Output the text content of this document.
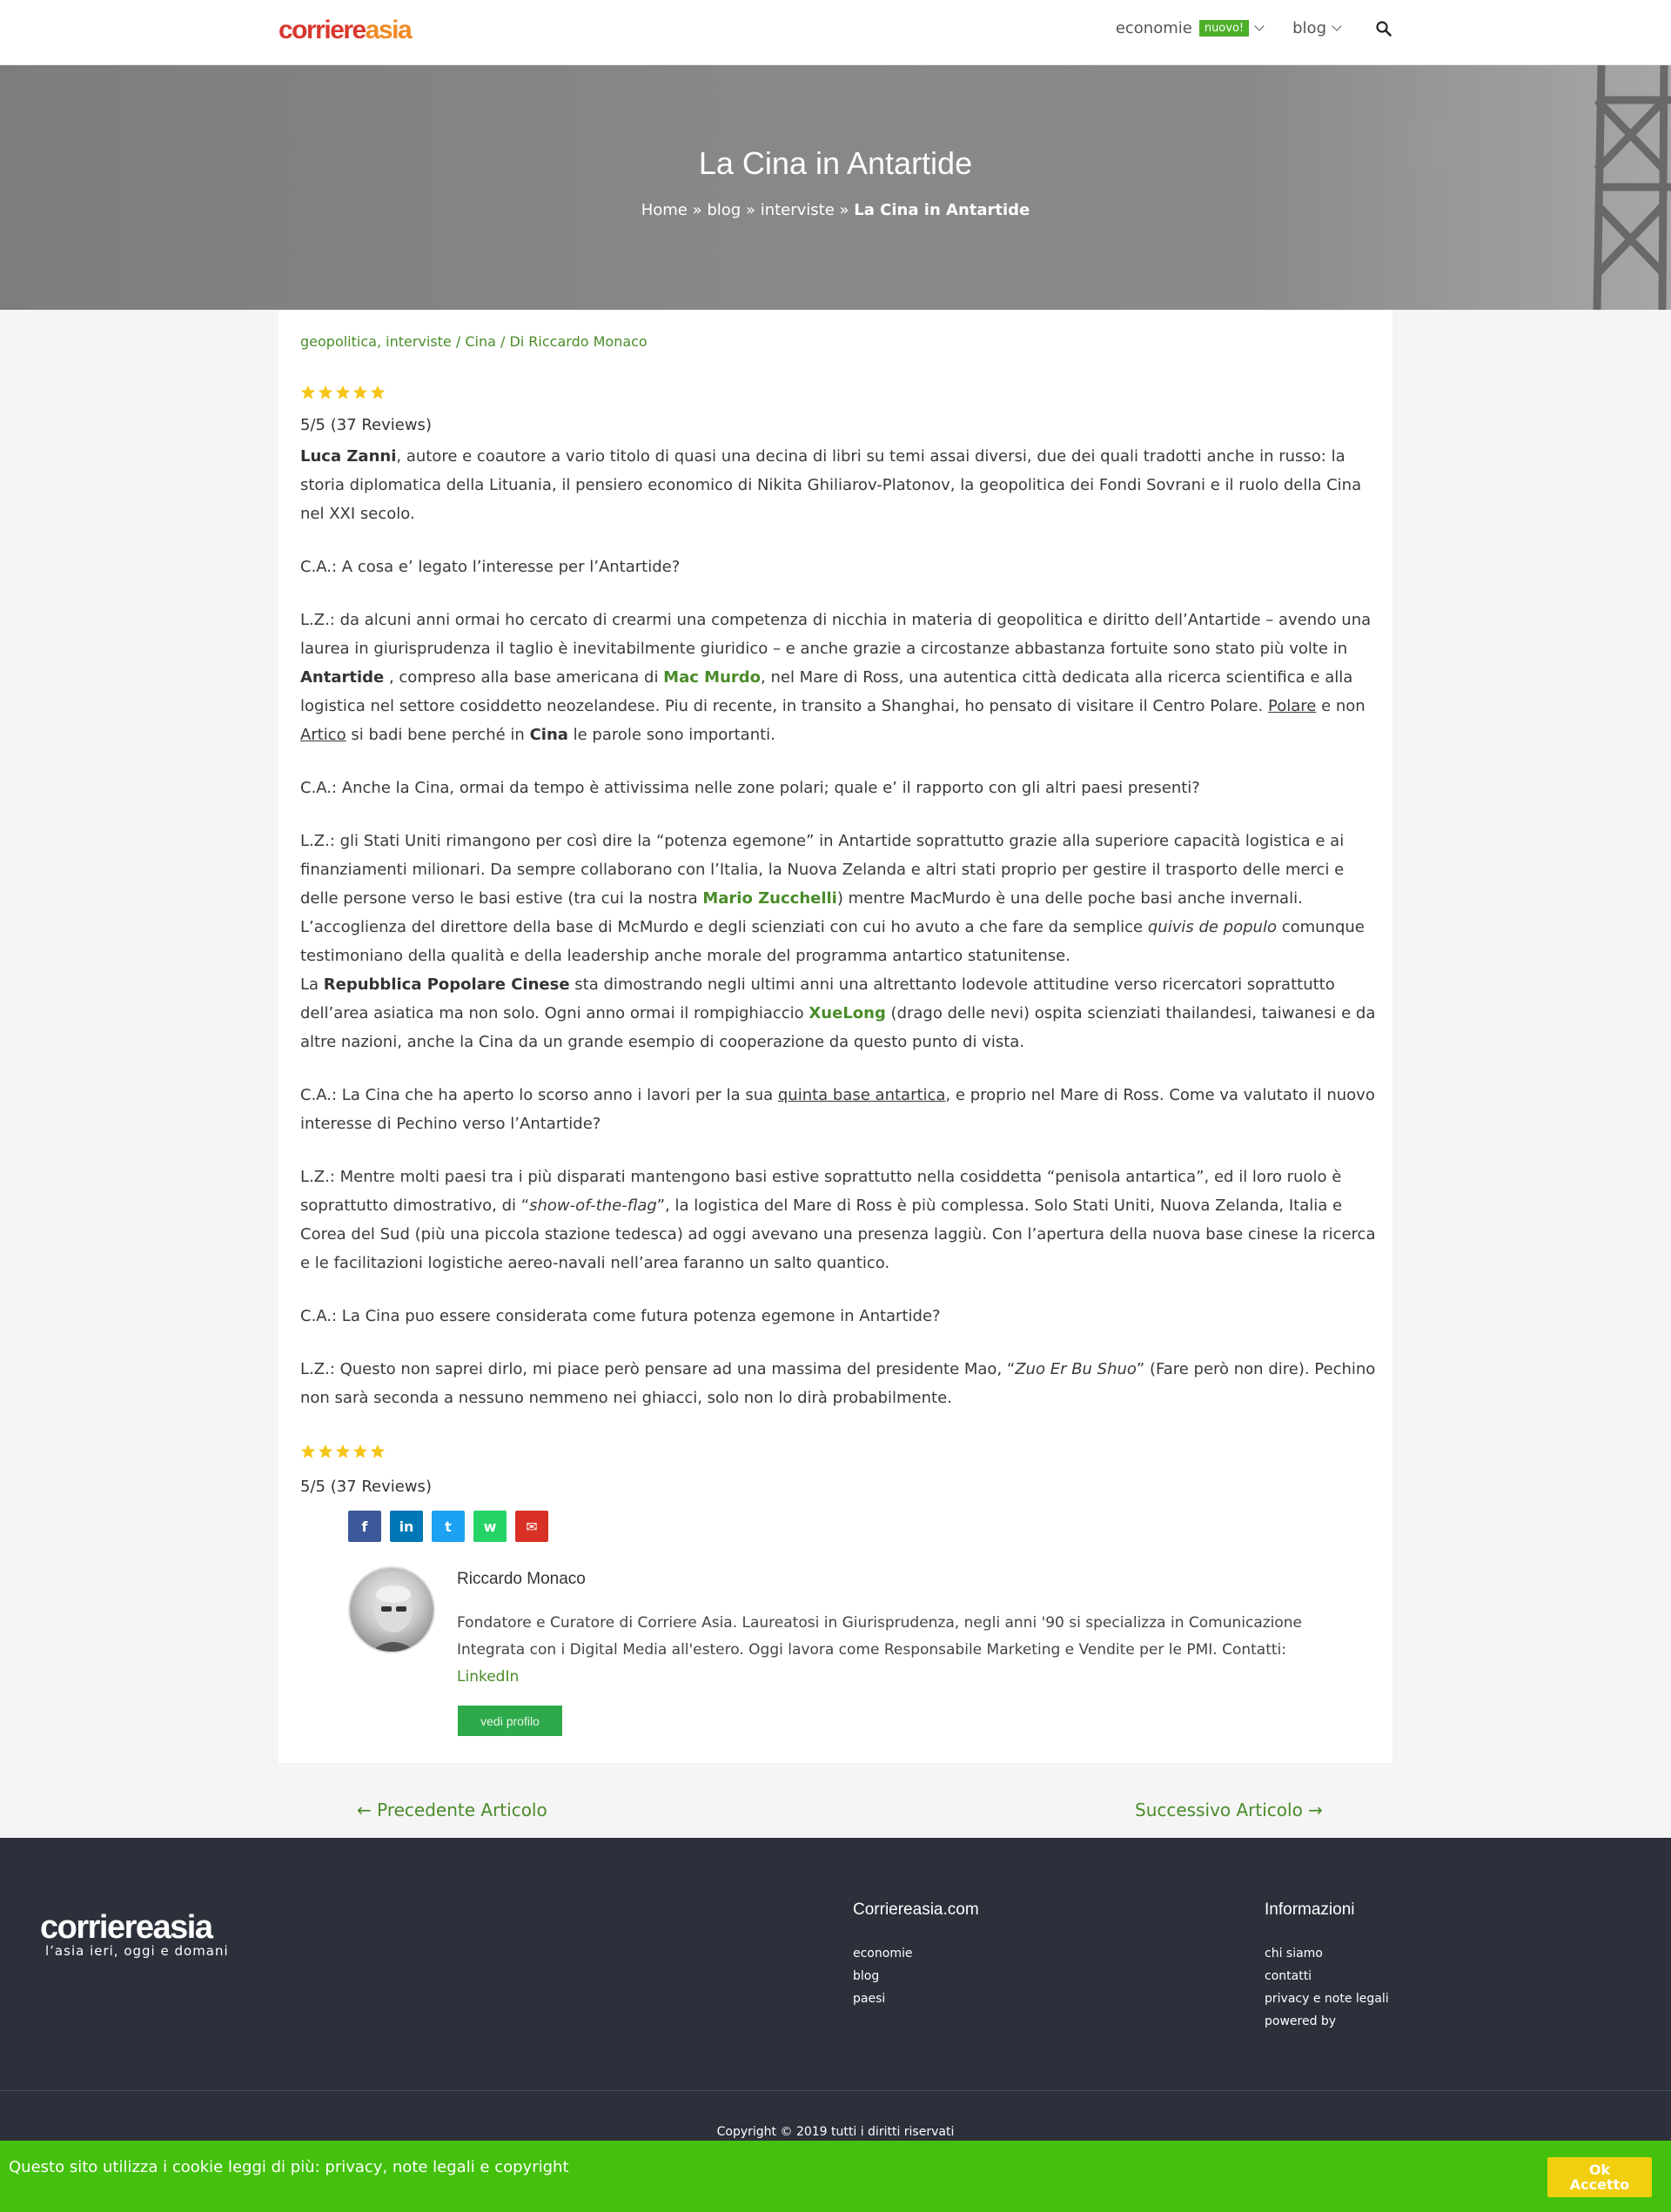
corriereasia	economie	nuovo!	blog
La Cina in Antartide
Home » blog » interviste » La Cina in Antartide
geopolitica, interviste / Cina / Di Riccardo Monaco
5/5 (37 Reviews)

Luca Zanni, autore e coautore a vario titolo di quasi una decina di libri su temi assai diversi, due dei quali tradotti anche in russo: la storia diplomatica della Lituania, il pensiero economico di Nikita Ghiliarov-Platonov, la geopolitica dei Fondi Sovrani e il ruolo della Cina nel XXI secolo.

C.A.: A cosa e’ legato l’interesse per l’Antartide?

L.Z.: da alcuni anni ormai ho cercato di crearmi una competenza di nicchia in materia di geopolitica e diritto dell’Antartide – avendo una laurea in giurisprudenza il taglio è inevitabilmente giuridico – e anche grazie a circostanze abbastanza fortuite sono stato più volte in Antartide , compreso alla base americana di Mac Murdo, nel Mare di Ross, una autentica città dedicata alla ricerca scientifica e alla logistica nel settore cosiddetto neozelandese. Piu di recente, in transito a Shanghai, ho pensato di visitare il Centro Polare. Polare e non Artico si badi bene perché in Cina le parole sono importanti.

C.A.: Anche la Cina, ormai da tempo è attivissima nelle zone polari; quale e’ il rapporto con gli altri paesi presenti?

L.Z.: gli Stati Uniti rimangono per così dire la “potenza egemone” in Antartide soprattutto grazie alla superiore capacità logistica e ai finanziamenti milionari. Da sempre collaborano con l’Italia, la Nuova Zelanda e altri stati proprio per gestire il trasporto delle merci e delle persone verso le basi estive (tra cui la nostra Mario Zucchelli) mentre MacMurdo è una delle poche basi anche invernali. L’accoglienza del direttore della base di McMurdo e degli scienziati con cui ho avuto a che fare da semplice quivis de populo comunque testimoniano della qualità e della leadership anche morale del programma antartico statunitense.

La Repubblica Popolare Cinese sta dimostrando negli ultimi anni una altrettanto lodevole attitudine verso ricercatori soprattutto dell’area asiatica ma non solo. Ogni anno ormai il rompighiaccio XueLong (drago delle nevi) ospita scienziati thailandesi, taiwanesi e da altre nazioni, anche la Cina da un grande esempio di cooperazione da questo punto di vista.

C.A.: La Cina che ha aperto lo scorso anno i lavori per la sua quinta base antartica, e proprio nel Mare di Ross. Come va valutato il nuovo interesse di Pechino verso l’Antartide?

L.Z.: Mentre molti paesi tra i più disparati mantengono basi estive soprattutto nella cosiddetta “penisola antartica”, ed il loro ruolo è soprattutto dimostrativo, di “show-of-the-flag”, la logistica del Mare di Ross è più complessa. Solo Stati Uniti, Nuova Zelanda, Italia e Corea del Sud (più una piccola stazione tedesca) ad oggi avevano una presenza laggiù. Con l’apertura della nuova base cinese la ricerca e le facilitazioni logistiche aereo-navali nell’area faranno un salto quantico.

C.A.: La Cina puo essere considerata come futura potenza egemone in Antartide?

L.Z.: Questo non saprei dirlo, mi piace però pensare ad una massima del presidente Mao, “Zuo Er Bu Shuo” (Fare però non dire). Pechino non sarà seconda a nessuno nemmeno nei ghiacci, solo non lo dirà probabilmente.

5/5 (37 Reviews)
f in t w ✉
Riccardo Monaco
Fondatore e Curatore di Corriere Asia. Laureatosi in Giurisprudenza, negli anni '90 si specializza in Comunicazione Integrata con i Digital Media all'estero. Oggi lavora come Responsabile Marketing e Vendite per le PMI. Contatti: LinkedIn
vedi profilo
← Precedente Articolo	Successivo Articolo →
corriereasia
l’asia ieri, oggi e domani
Corriereasia.com
economie
blog
paesi
Informazioni
chi siamo
contatti
privacy e note legali
powered by
Copyright © 2019 tutti i diritti riservati
Questo sito utilizza i cookie leggi di più: privacy, note legali e copyright	Ok
Accetto
